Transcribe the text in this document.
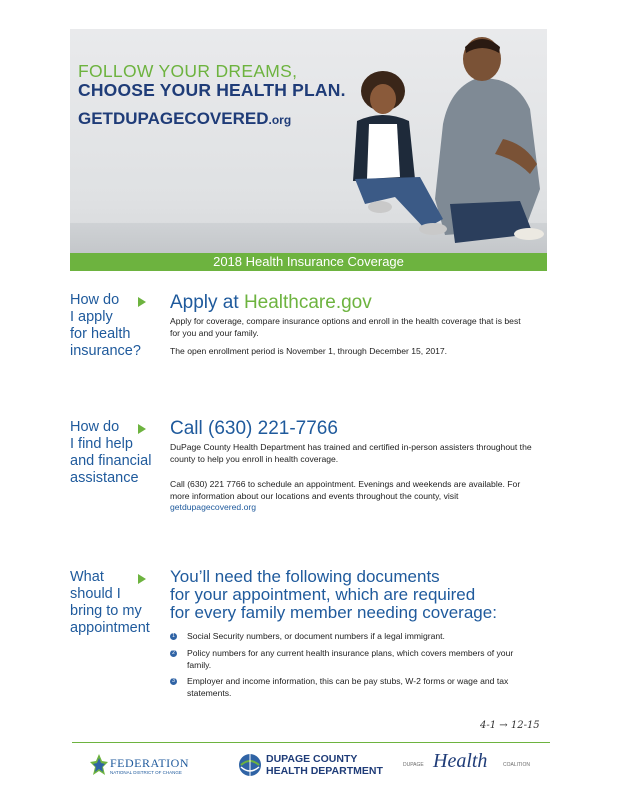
FOLLOW YOUR DREAMS,
CHOOSE YOUR HEALTH PLAN.
GETDUPAGECOVERED.org
2018 Health Insurance Coverage
How do
I apply
for health
insurance?
Apply at Healthcare.gov
Apply for coverage, compare insurance options and enroll in the health coverage that is best for you and your family.
The open enrollment period is November 1, through December 15, 2017.
How do
I find help
and financial
assistance
Call (630) 221-7766
DuPage County Health Department has trained and certified in-person assisters throughout the county to help you enroll in health coverage.
Call (630) 221 7766 to schedule an appointment. Evenings and weekends are available. For more information about our locations and events throughout the county, visit getdupagecovered.org
What
should I
bring to my
appointment
You’ll need the following documents
for your appointment, which are required
for every family member needing coverage:
1 Social Security numbers, or document numbers if a legal immigrant.
2 Policy numbers for any current health insurance plans, which covers members of your family.
3 Employer and income information, this can be pay stubs, W-2 forms or wage and tax statements.
4-1 → 12-15
FEDERATION
NATIONAL DISTRICT OF CHANGE
DUPAGE COUNTY
HEALTH DEPARTMENT	DUPAGE Health	COALITION
